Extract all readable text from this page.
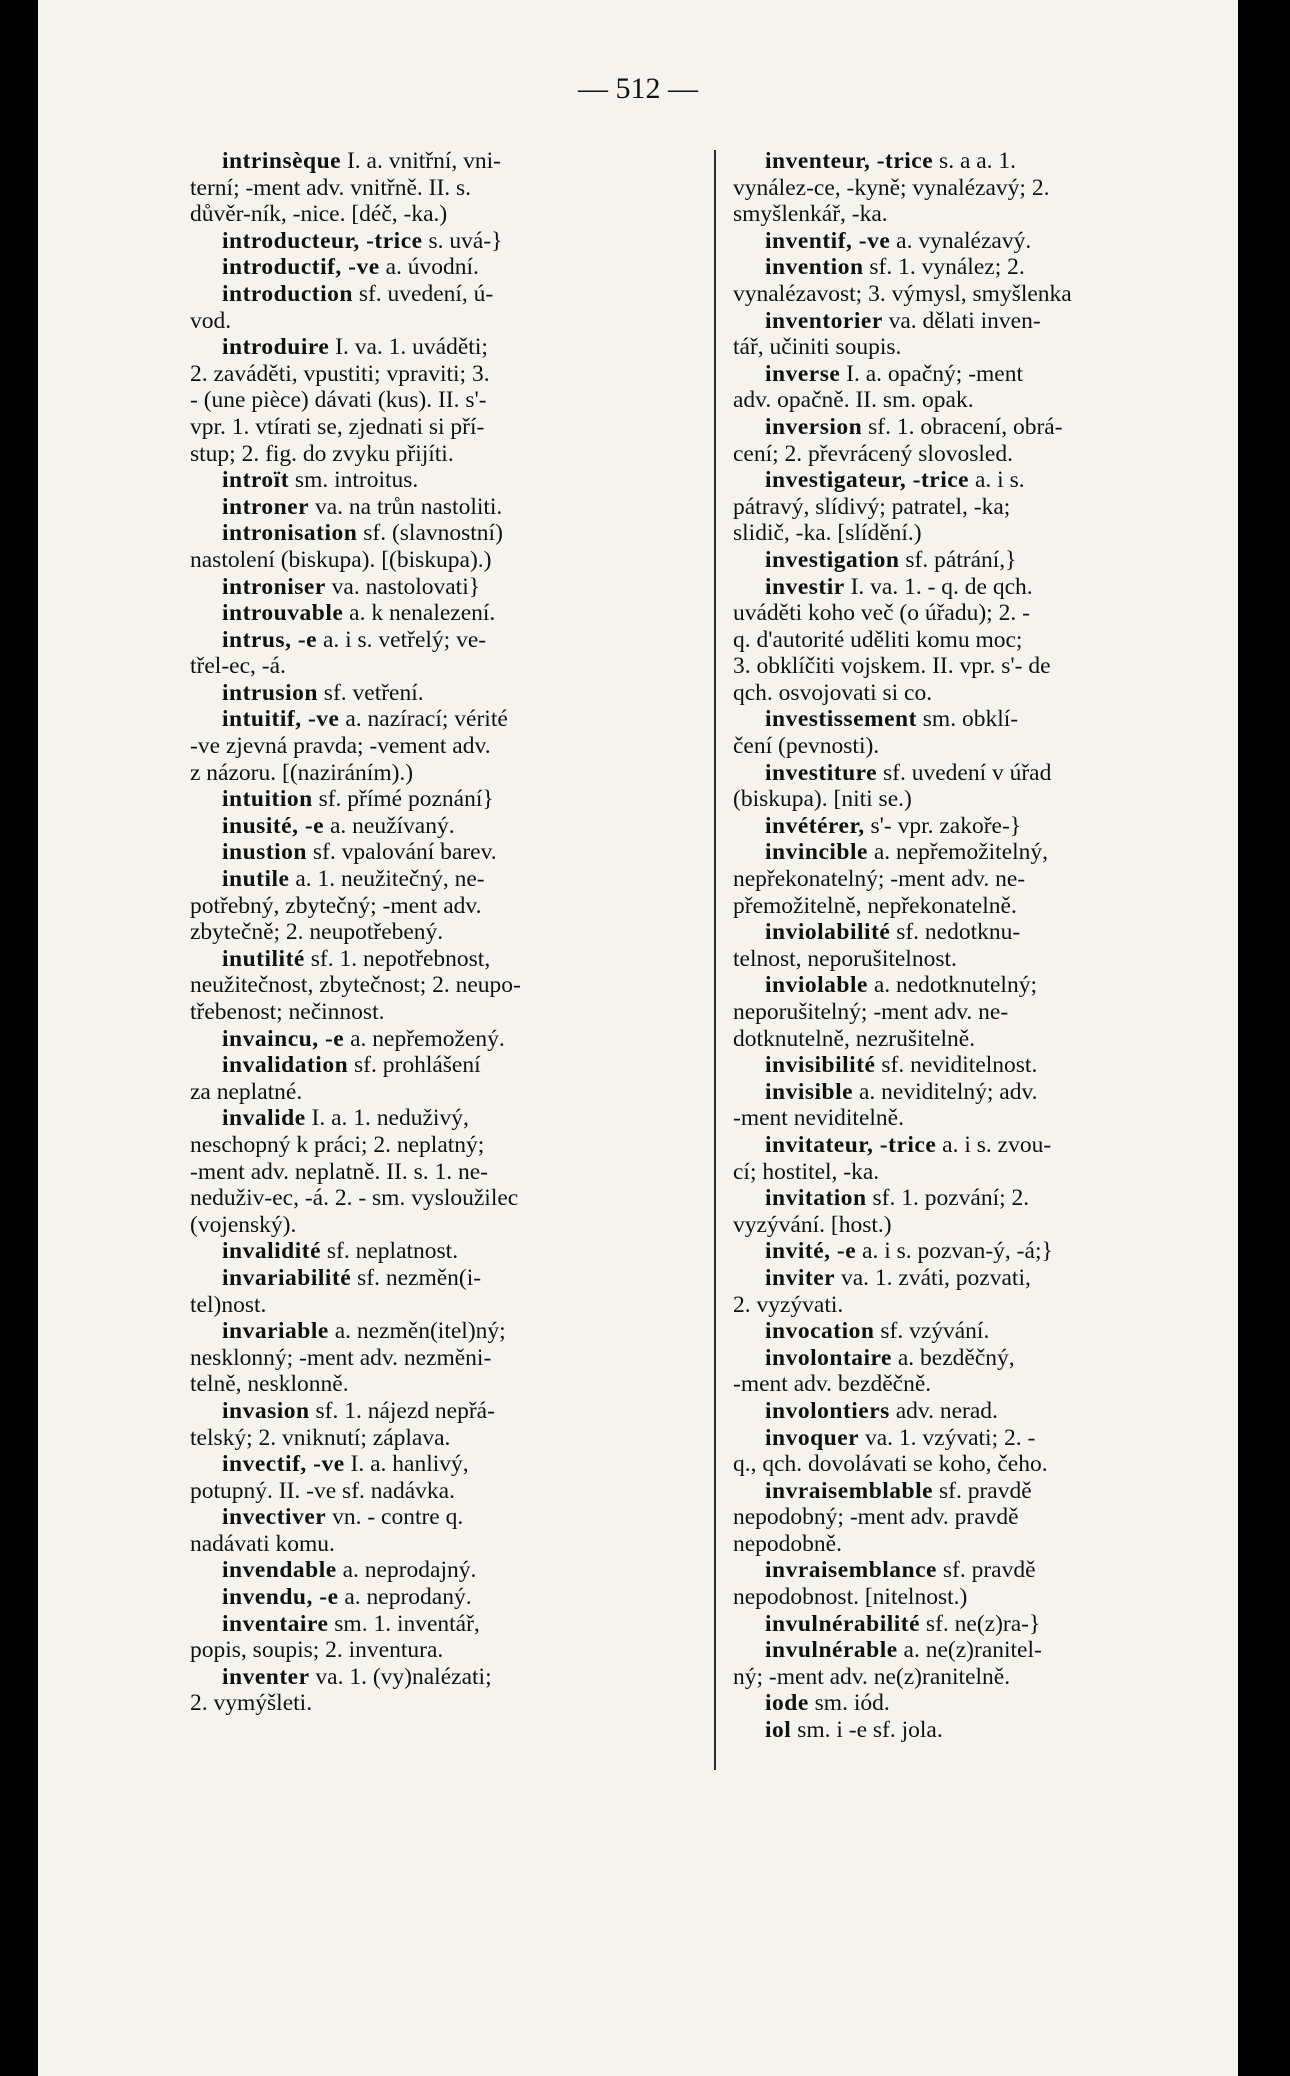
— 512 —

intrinsèque I. a. vnitřní, vni-
terní; -ment adv. vnitřně. II. s.
důvěr-ník, -nice. [déč, -ka.)
introducteur, -trice s. uvá-}
introductif, -ve a. úvodní.
introduction sf. uvedení, ú-
vod.
introduire I. va. 1. uváděti;
2. zaváděti, vpustiti; vpraviti; 3.
- (une pièce) dávati (kus). II. s'-
vpr. 1. vtírati se, zjednati si pří-
stup; 2. fig. do zvyku přijíti.
introït sm. introitus.
introner va. na trůn nastoliti.
intronisation sf. (slavnostní)
nastolení (biskupa). [(biskupa).)
introniser va. nastolovati}
introuvable a. k nenalezení.
intrus, -e a. i s. vetřelý; ve-
třel-ec, -á.
intrusion sf. vetření.
intuitif, -ve a. nazírací; vérité
-ve zjevná pravda; -vement adv.
z názoru. [(naziráním).)
intuition sf. přímé poznání}
inusité, -e a. neužívaný.
inustion sf. vpalování barev.
inutile a. 1. neužitečný, ne-
potřebný, zbytečný; -ment adv.
zbytečně; 2. neupotřebený.
inutilité sf. 1. nepotřebnost,
neužitečnost, zbytečnost; 2. neupo-
třebenost; nečinnost.
invaincu, -e a. nepřemožený.
invalidation sf. prohlášení
za neplatné.
invalide I. a. 1. neduživý,
neschopný k práci; 2. neplatný;
-ment adv. neplatně. II. s. 1. ne-
neduživ-ec, -á. 2. - sm. vysloužilec
(vojenský).
invalidité sf. neplatnost.
invariabilité sf. nezměn(i-
tel)nost.
invariable a. nezměn(itel)ný;
nesklonný; -ment adv. nezměni-
telně, nesklonně.
invasion sf. 1. nájezd nepřá-
telský; 2. vniknutí; záplava.
invectif, -ve I. a. hanlivý,
potupný. II. -ve sf. nadávka.
invectiver vn. - contre q.
nadávati komu.
invendable a. neprodajný.
invendu, -e a. neprodaný.
inventaire sm. 1. inventář,
popis, soupis; 2. inventura.
inventer va. 1. (vy)nalézati;
2. vymýšleti.
inventeur, -trice s. a a. 1.
vynález-ce, -kyně; vynalézavý; 2.
smyšlenkář, -ka.
inventif, -ve a. vynalézavý.
invention sf. 1. vynález; 2.
vynalézavost; 3. výmysl, smyšlenka
inventorier va. dělati inven-
tář, učiniti soupis.
inverse I. a. opačný; -ment
adv. opačně. II. sm. opak.
inversion sf. 1. obracení, obrá-
cení; 2. převrácený slovosled.
investigateur, -trice a. i s.
pátravý, slídivý; patratel, -ka;
slidič, -ka. [slídění.)
investigation sf. pátrání,}
investir I. va. 1. - q. de qch.
uváděti koho več (o úřadu); 2. -
q. d'autorité uděliti komu moc;
3. obklíčiti vojskem. II. vpr. s'- de
qch. osvojovati si co.
investissement sm. obklí-
čení (pevnosti).
investiture sf. uvedení v úřad
(biskupa). [niti se.)
invétérer, s'- vpr. zakoře-}
invincible a. nepřemožitelný,
nepřekonatelný; -ment adv. ne-
přemožitelně, nepřekonatelně.
inviolabilité sf. nedotknu-
telnost, neporušitelnost.
inviolable a. nedotknutelný;
neporušitelný; -ment adv. ne-
dotknutelně, nezrušitelně.
invisibilité sf. neviditelnost.
invisible a. neviditelný; adv.
-ment neviditelně.
invitateur, -trice a. i s. zvou-
cí; hostitel, -ka.
invitation sf. 1. pozvání; 2.
vyzývání. [host.)
invité, -e a. i s. pozvan-ý, -á;}
inviter va. 1. zváti, pozvati,
2. vyzývati.
invocation sf. vzývání.
involontaire a. bezděčný,
-ment adv. bezděčně.
involontiers adv. nerad.
invoquer va. 1. vzývati; 2. -
q., qch. dovolávati se koho, čeho.
invraisemblable sf. pravdě
nepodobný; -ment adv. pravdě
nepodobně.
invraisemblance sf. pravdě
nepodobnost. [nitelnost.)
invulnérabilité sf. ne(z)ra-}
invulnérable a. ne(z)ranitel-
ný; -ment adv. ne(z)ranitelně.
iode sm. iód.
iol sm. i -e sf. jola.
